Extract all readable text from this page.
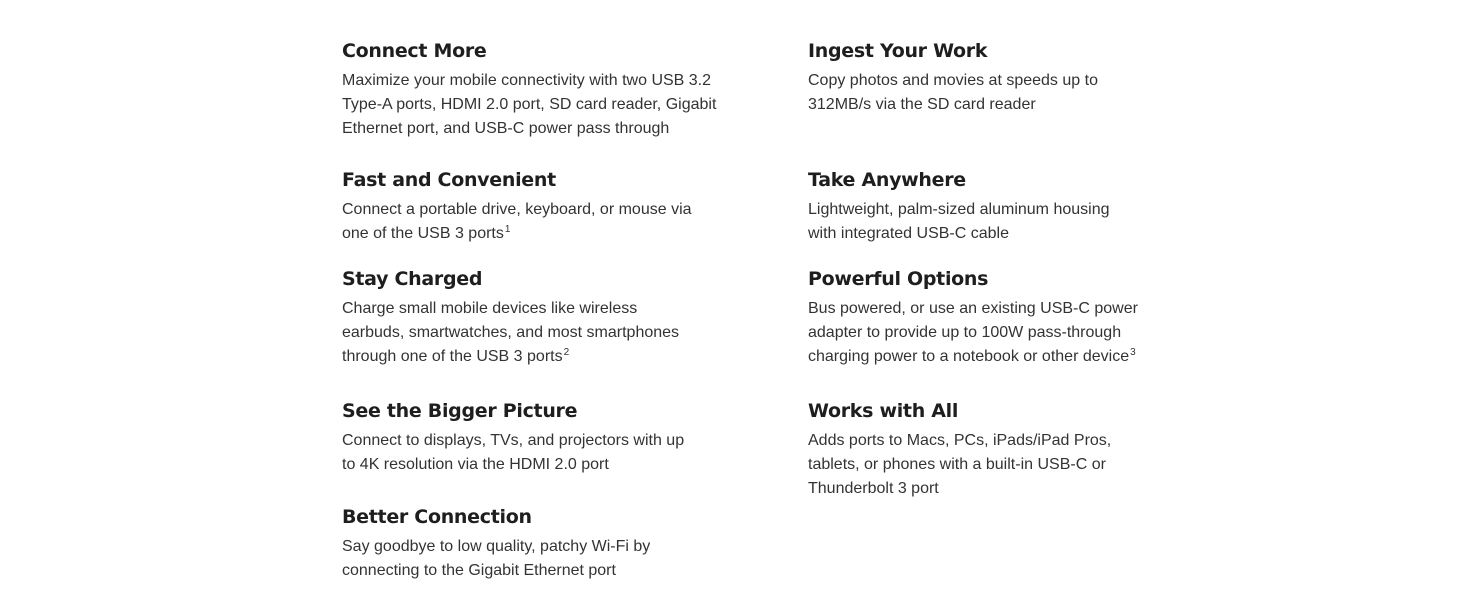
Connect More

Maximize your mobile connectivity with two USB 3.2
Type-A ports, HDMI 2.0 port, SD card reader, Gigabit
Ethernet port, and USB-C power pass through

Fast and Convenient

Connect a portable drive, keyboard, or mouse via
one of the USB 3 ports$^1$

Stay Charged

Charge small mobile devices like wireless
earbuds, smartwatches, and most smartphones
through one of the USB 3 ports$^2$

See the Bigger Picture

Connect to displays, TVs, and projectors with up
to 4K resolution via the HDMI 2.0 port

Better Connection

Say goodbye to low quality, patchy Wi-Fi by
connecting to the Gigabit Ethernet port

Ingest Your Work

Copy photos and movies at speeds up to
312MB/s via the SD card reader

Take Anywhere

Lightweight, palm-sized aluminum housing
with integrated USB-C cable

Powerful Options

Bus powered, or use an existing USB-C power
adapter to provide up to 100W pass-through
charging power to a notebook or other device$^3$

Works with All

Adds ports to Macs, PCs, iPads/iPad Pros,
tablets, or phones with a built-in USB-C or
Thunderbolt 3 port
